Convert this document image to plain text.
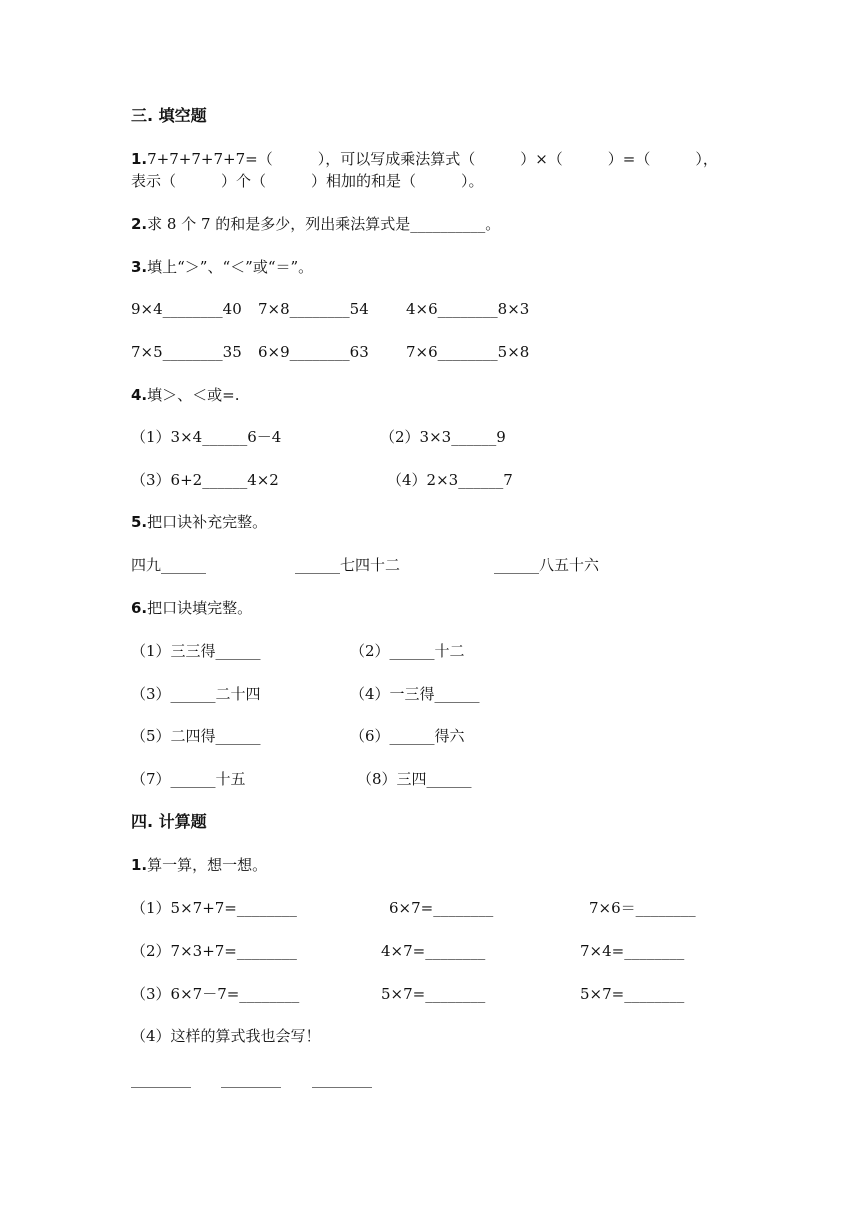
三. 填空题
1.7+7+7+7+7=（　　　），可以写成乘法算式（　　　）×（　　　）=（　　　），
表示（　　　）个（　　　）相加的和是（　　　）。
2.求 8 个 7 的和是多少，列出乘法算式是__________。
3.填上“＞”、“＜”或“＝”。
9×4________40 7×8________54 4×6________8×3
7×5________35 6×9________63 7×6________5×8
4.填＞、＜或=.
（1）3×4______6－4	（2）3×3______9
（3）6+2______4×2	（4）2×3______7
5.把口诀补充完整。
四九______	______七四十二	______八五十六
6.把口诀填完整。
（1）三三得______	（2）______十二
（3）______二十四	（4）一三得______
（5）二四得______	（6）______得六
（7）______十五	（8）三四______
四. 计算题
1.算一算，想一想。
（1）5×7+7=________	6×7=________	7×6＝________
（2）7×3+7=________	4×7=________	7×4=________
（3）6×7－7=________	5×7=________	5×7=________
（4）这样的算式我也会写！
________ ________ ________
